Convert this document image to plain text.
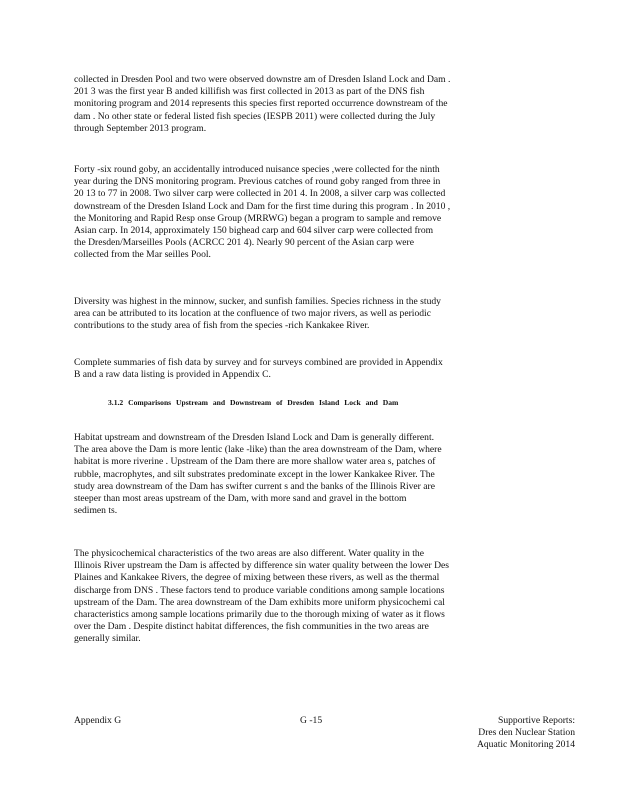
collected in Dresden Pool and two were observed downstre am of Dresden Island Lock and Dam .
201 3 was the first year B anded killifish was first collected in 2013 as part of the DNS fish
monitoring program and 2014 represents this species first reported occurrence downstream of the
dam . No other state or federal listed fish species (IESPB 2011) were collected during the July
through September 2013 program.
Forty -six round goby, an accidentally introduced nuisance species ,were collected for the ninth
year during the DNS monitoring program. Previous catches of round goby ranged from three in
20 13 to 77 in 2008. Two silver carp were collected in 201 4. In 2008, a silver carp was collected
downstream of the Dresden Island Lock and Dam for the first time during this program . In 2010 ,
the Monitoring and Rapid Resp onse Group (MRRWG) began a program to sample and remove
Asian carp. In 2014, approximately 150 bighead carp and 604 silver carp were collected from
the Dresden/Marseilles Pools (ACRCC 201 4). Nearly 90 percent of the Asian carp were
collected from the Mar seilles Pool.
Diversity was highest in the minnow, sucker, and sunfish families. Species richness in the study
area can be attributed to its location at the confluence of two major rivers, as well as periodic
contributions to the study area of fish from the species -rich Kankakee River.
Complete summaries of fish data by survey and for surveys combined are provided in Appendix
B and a raw data listing is provided in Appendix C.
3.1.2 Comparisons Upstream and Downstream of Dresden Island Lock and Dam
Habitat upstream and downstream of the Dresden Island Lock and Dam is generally different.
The area above the Dam is more lentic (lake -like) than the area downstream of the Dam, where
habitat is more riverine . Upstream of the Dam there are more shallow water area s, patches of
rubble, macrophytes, and silt substrates predominate except in the lower Kankakee River. The
study area downstream of the Dam has swifter current s and the banks of the Illinois River are
steeper than most areas upstream of the Dam, with more sand and gravel in the bottom
sedimen ts.
The physicochemical characteristics of the two areas are also different. Water quality in the
Illinois River upstream the Dam is affected by difference sin water quality between the lower Des
Plaines and Kankakee Rivers, the degree of mixing between these rivers, as well as the thermal
discharge from DNS . These factors tend to produce variable conditions among sample locations
upstream of the Dam. The area downstream of the Dam exhibits more uniform physicochemi cal
characteristics among sample locations primarily due to the thorough mixing of water as it flows
over the Dam . Despite distinct habitat differences, the fish communities in the two areas are
generally similar.
Appendix G	G -15	Supportive Reports:
Dres den Nuclear Station
Aquatic Monitoring 2014
